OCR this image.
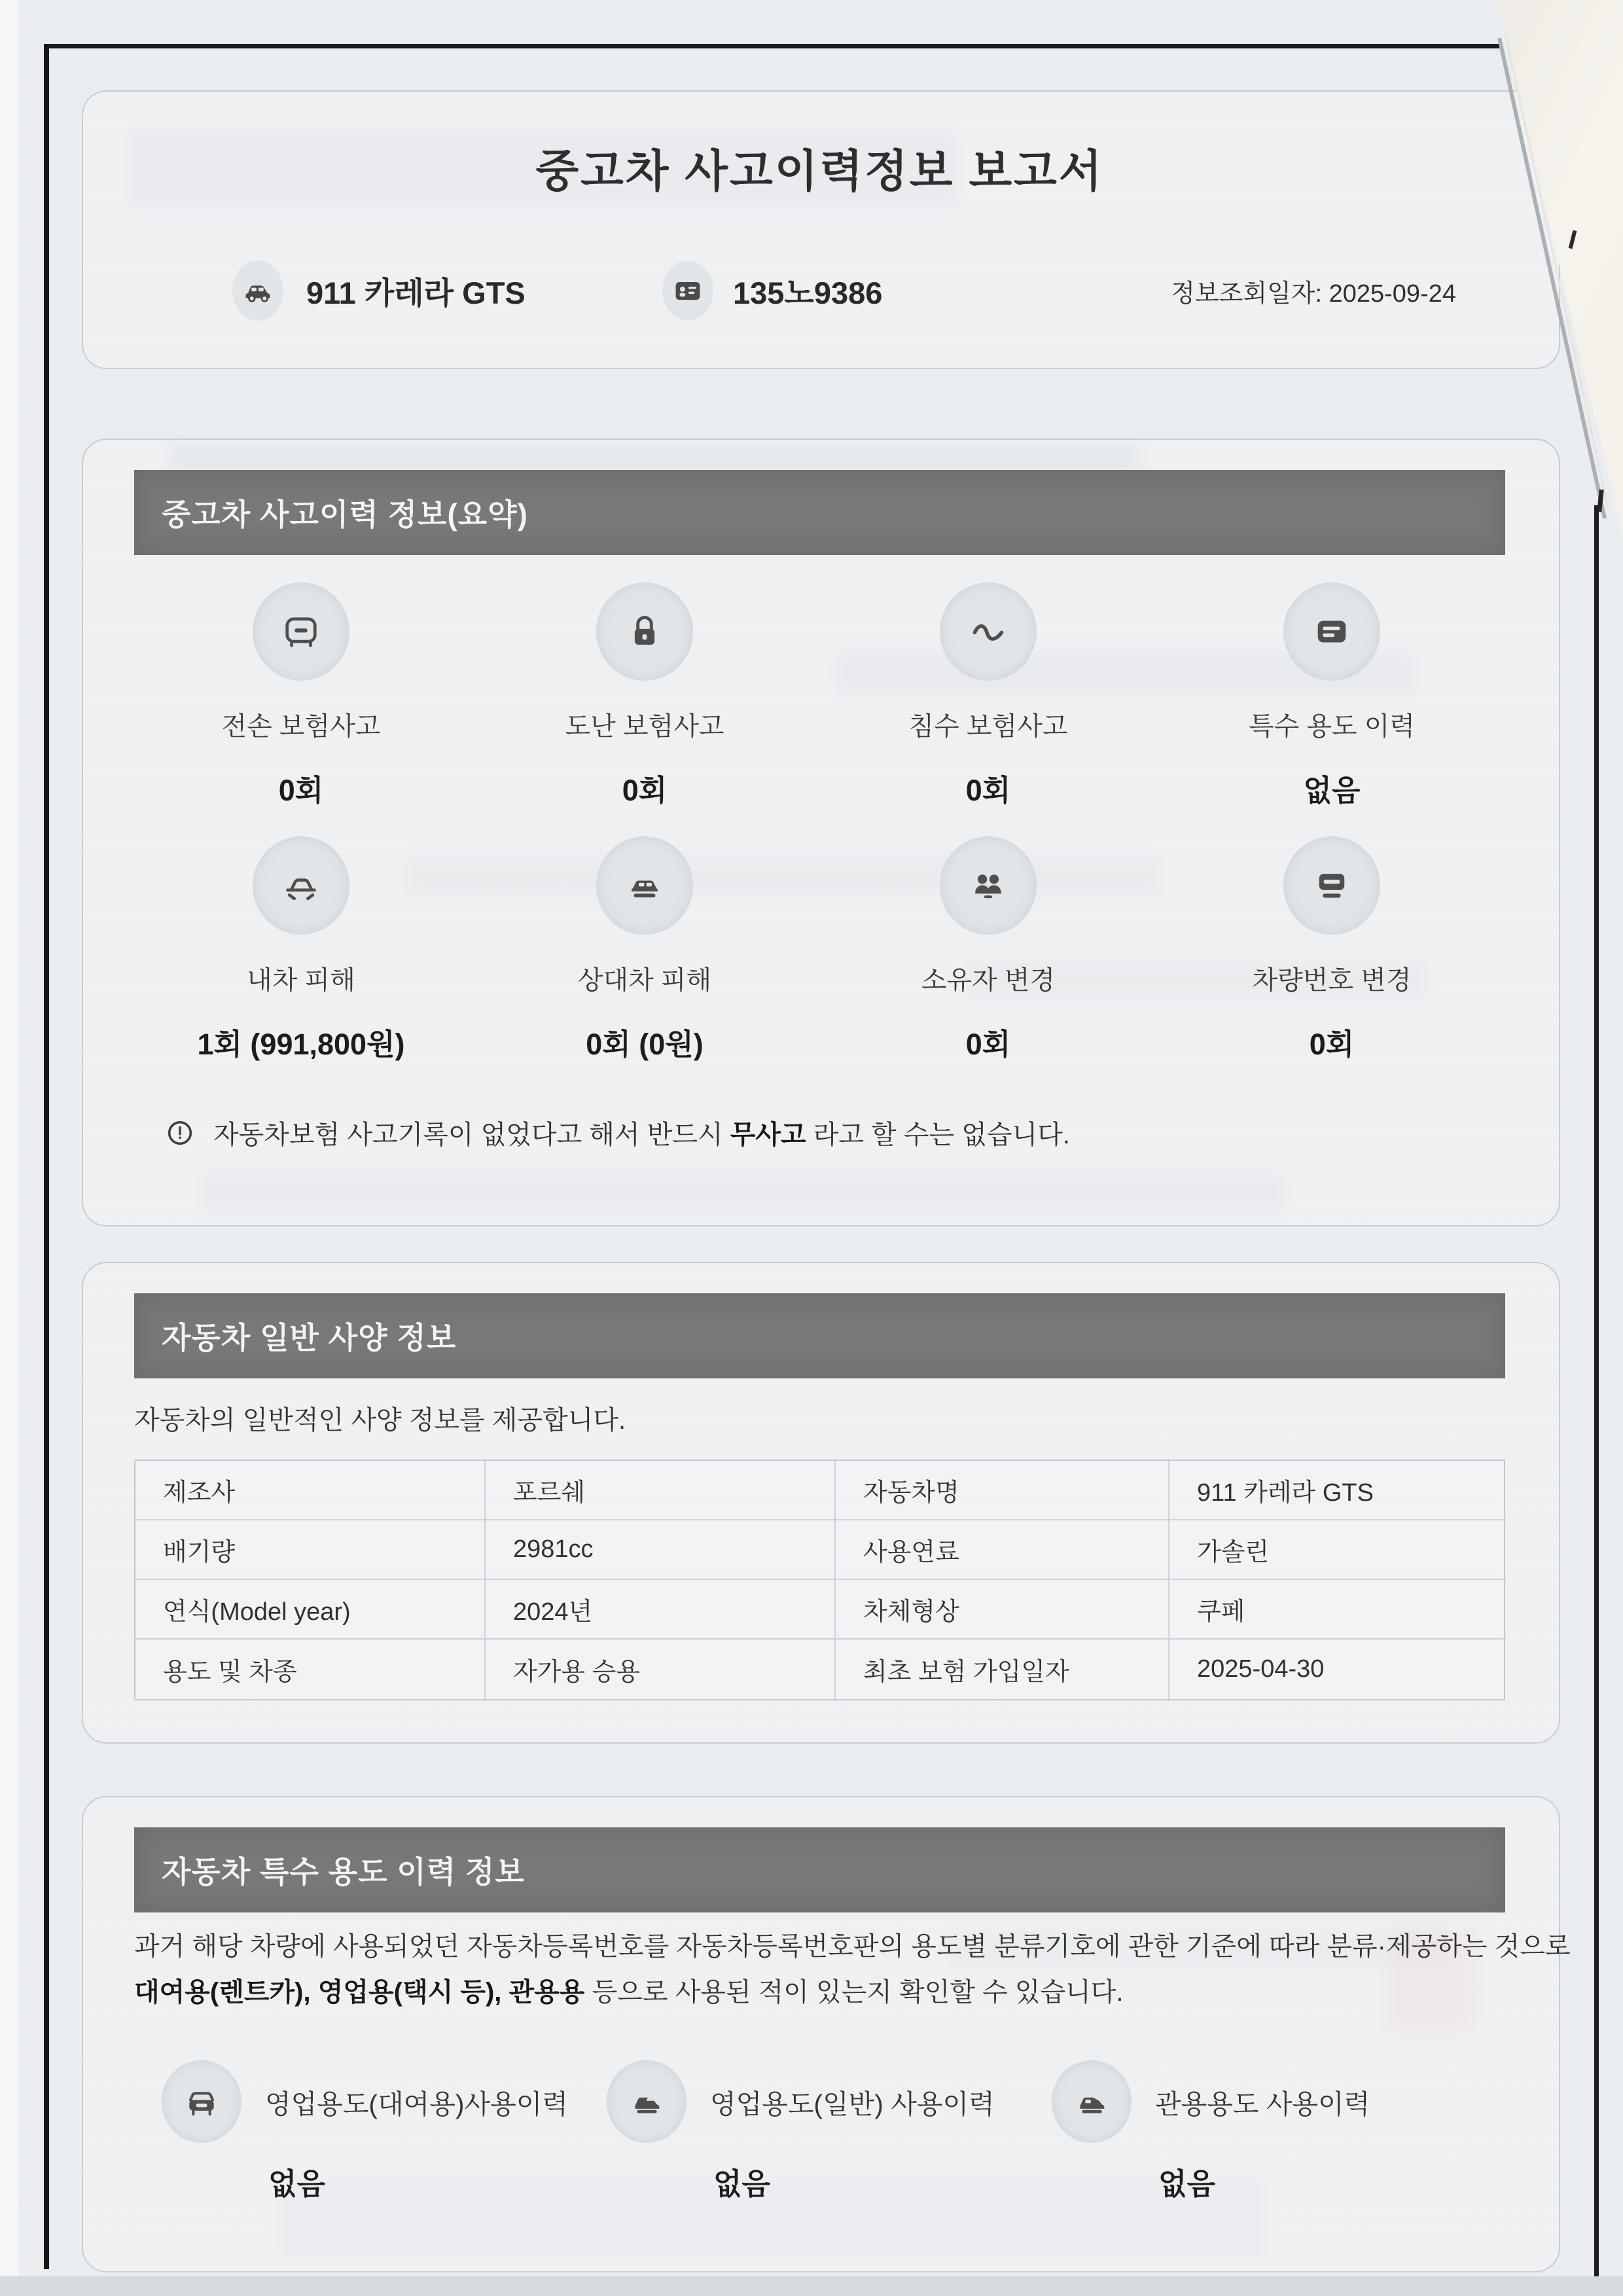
중고차 사고이력정보 보고서
911 카레라 GTS	135노9386	정보조회일자: 2025-09-24
중고차 사고이력 정보(요약)
전손 보험사고
0회
도난 보험사고
0회
침수 보험사고
0회
특수 용도 이력
없음
내차 피해
1회 (991,800원)
상대차 피해
0회 (0원)
소유자 변경
0회
차량번호 변경
0회
자동차보험 사고기록이 없었다고 해서 반드시 무사고 라고 할 수는 없습니다.
자동차 일반 사양 정보
자동차의 일반적인 사양 정보를 제공합니다.
제조사	포르쉐	자동차명	911 카레라 GTS
배기량	2981cc	사용연료	가솔린
연식(Model year)	2024년	차체형상	쿠페
용도 및 차종	자가용 승용	최초 보험 가입일자	2025-04-30
자동차 특수 용도 이력 정보
과거 해당 차량에 사용되었던 자동차등록번호를 자동차등록번호판의 용도별 분류기호에 관한 기준에 따라 분류·제공하는 것으로
대여용(렌트카), 영업용(택시 등), 관용용 등으로 사용된 적이 있는지 확인할 수 있습니다.
영업용도(대여용)사용이력
없음
영업용도(일반) 사용이력
없음
관용용도 사용이력
없음
